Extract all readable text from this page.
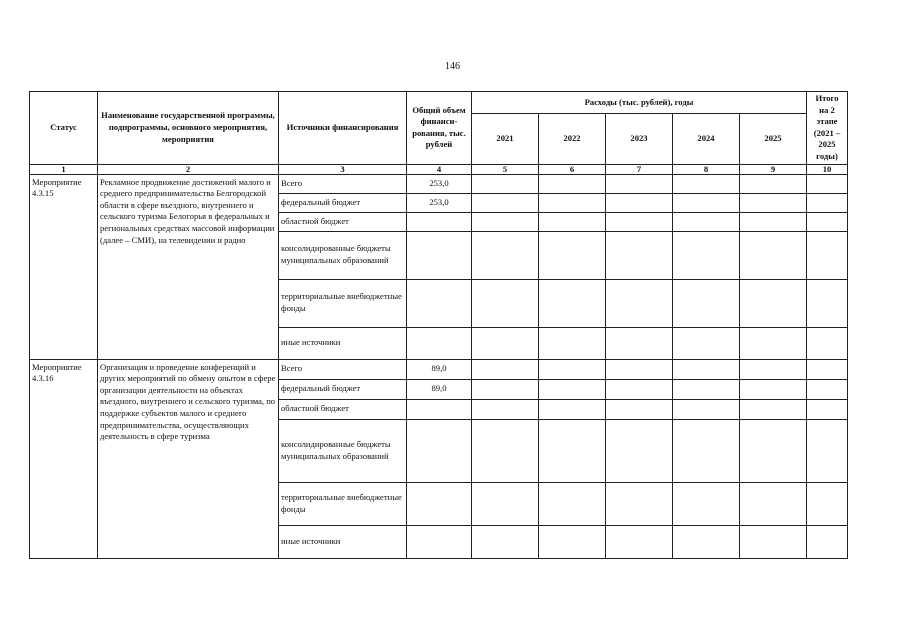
146
Статус	Наименование государственной программы, подпрограммы, основного мероприятия, мероприятия	Источники финансирования	Общий объем финанси-рования, тыс. рублей	Расходы (тыс. рублей), годы					Итого на 2 этапе (2021 – 2025 годы)
				2021	2022	2023	2024	2025	
1	2	3	4	5	6	7	8	9	10
Мероприятие 4.3.15	Рекламное продвижение достижений малого и среднего предпринимательства Белгородской области в сфере въездного, внутреннего и сельского туризма Белогорья в федеральных и региональных средствах массовой информации (далее – СМИ), на телевидении и радио	Всего	253,0						
		федеральный бюджет	253,0						
		областной бюджет							
		консолидированные бюджеты муниципальных образований							
		территориальные внебюджетные фонды							
		иные источники							
Мероприятие 4.3.16	Организация и проведение конференций и других мероприятий по обмену опытом в сфере организации деятельности на объектах въездного, внутреннего и сельского туризма, по поддержке субъектов малого и среднего предпринимательства, осуществляющих деятельность в сфере туризма	Всего	89,0						
		федеральный бюджет	89,0						
		областной бюджет							
		консолидированные бюджеты муниципальных образований							
		территориальные внебюджетные фонды							
		иные источники							
